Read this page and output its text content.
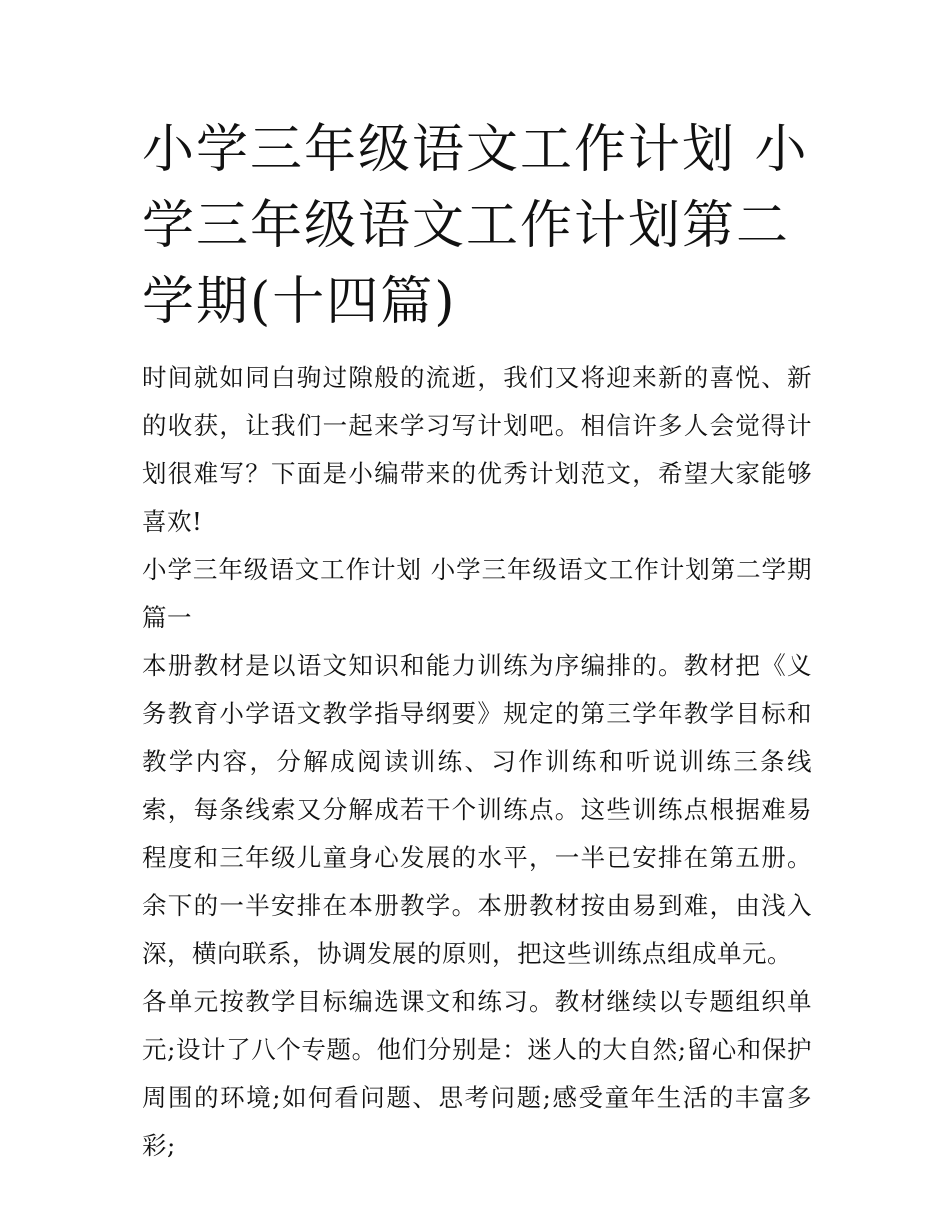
小学三年级语文工作计划 小学三年级语文工作计划第二学期(十四篇)

时间就如同白驹过隙般的流逝，我们又将迎来新的喜悦、新的收获，让我们一起来学习写计划吧。相信许多人会觉得计划很难写？下面是小编带来的优秀计划范文，希望大家能够喜欢!

小学三年级语文工作计划 小学三年级语文工作计划第二学期篇一

本册教材是以语文知识和能力训练为序编排的。教材把《义务教育小学语文教学指导纲要》规定的第三学年教学目标和教学内容，分解成阅读训练、习作训练和听说训练三条线索，每条线索又分解成若干个训练点。这些训练点根据难易程度和三年级儿童身心发展的水平，一半已安排在第五册。余下的一半安排在本册教学。本册教材按由易到难，由浅入深，横向联系，协调发展的原则，把这些训练点组成单元。

各单元按教学目标编选课文和练习。教材继续以专题组织单元;设计了八个专题。他们分别是：迷人的大自然;留心和保护周围的环境;如何看问题、思考问题;感受童年生活的丰富多彩;
